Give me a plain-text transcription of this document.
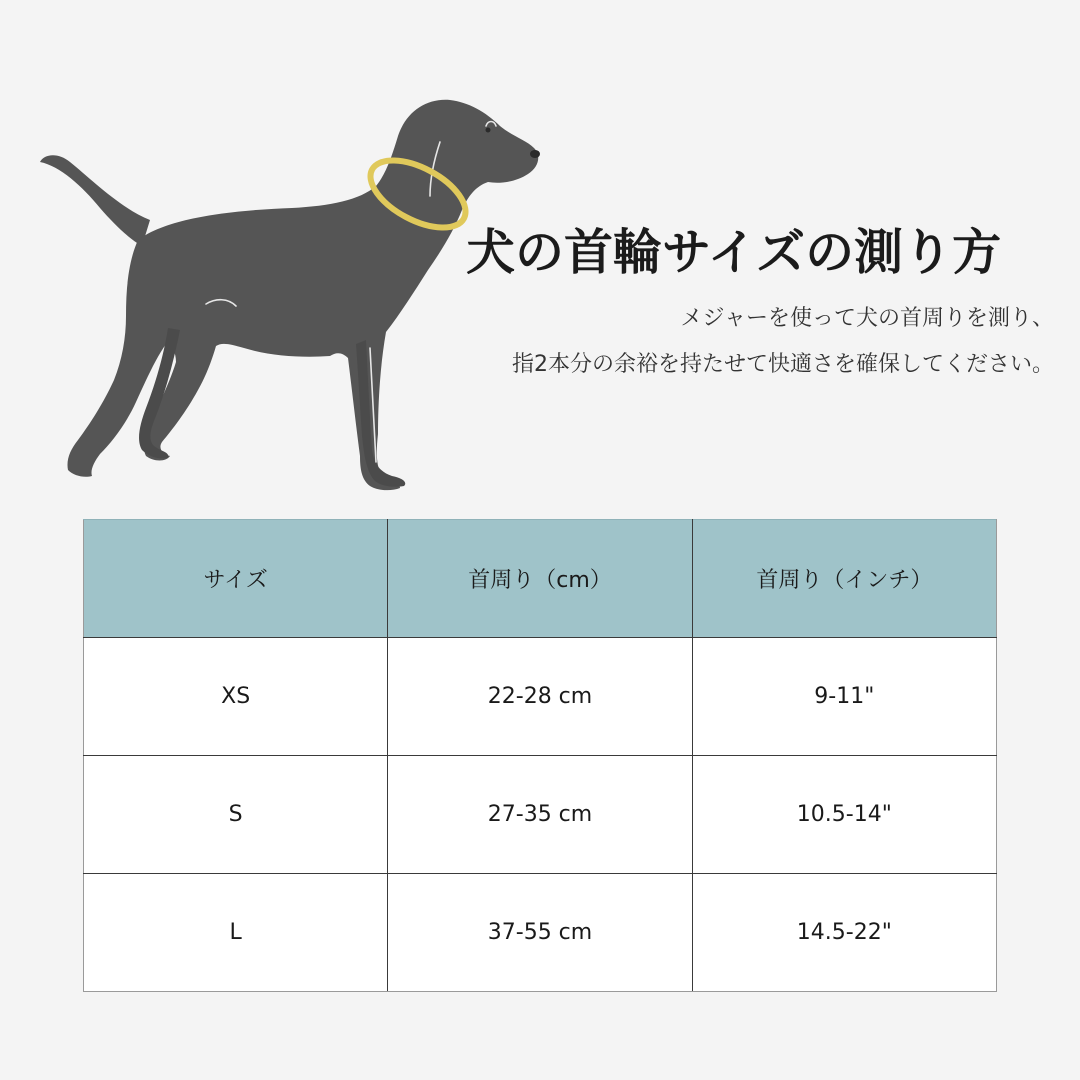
犬の首輪サイズの測り方
メジャーを使って犬の首周りを測り、
指2本分の余裕を持たせて快適さを確保してください。
サイズ	首周り（cm）	首周り（インチ）
XS	22-28 cm	9-11"
S	27-35 cm	10.5-14"
L	37-55 cm	14.5-22"
